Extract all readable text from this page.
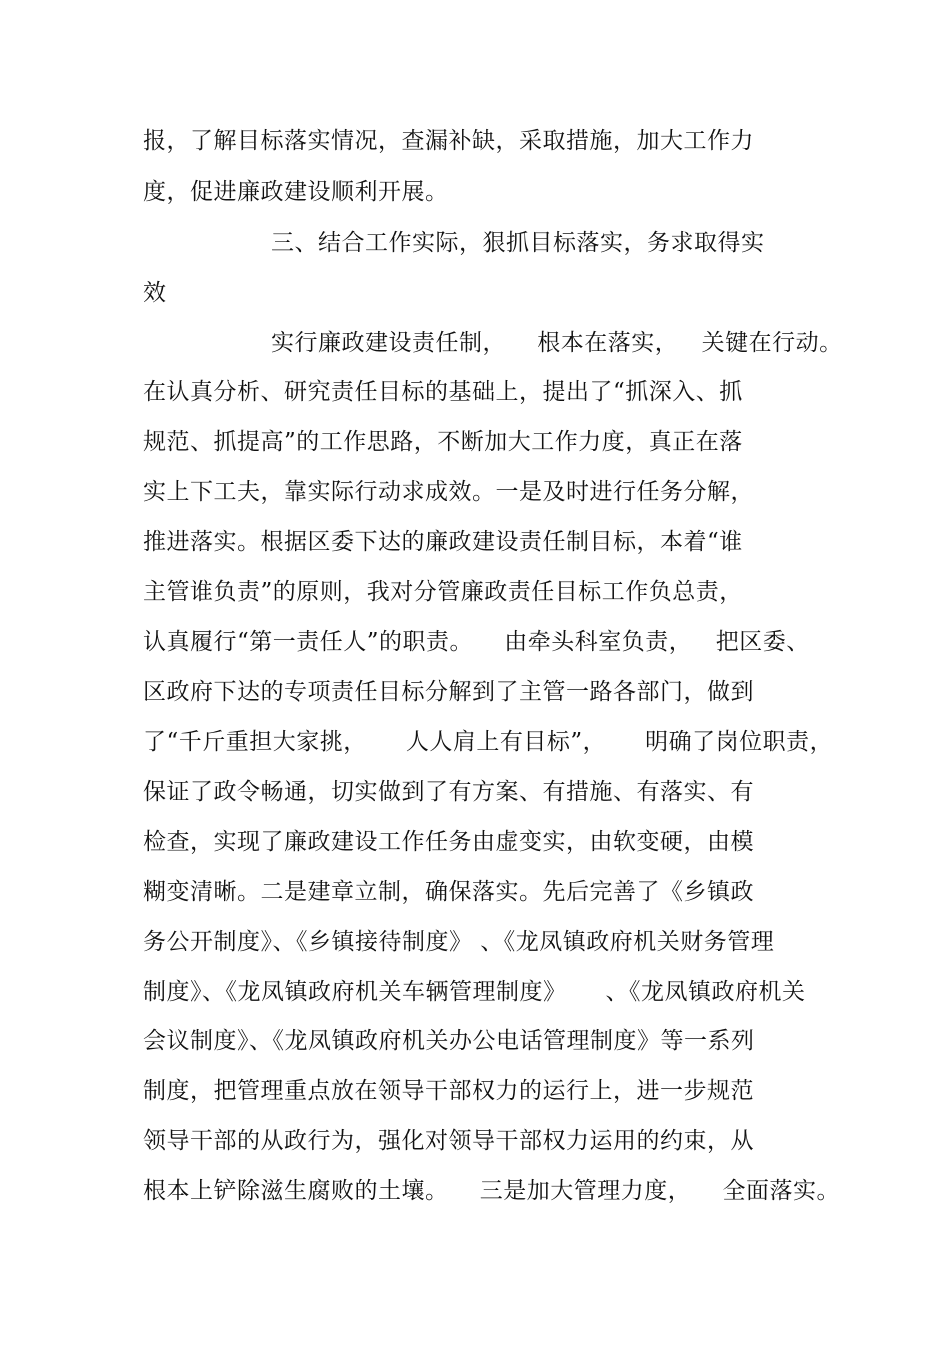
报，了解目标落实情况，查漏补缺，采取措施，加大工作力
度，促进廉政建设顺利开展。
三、结合工作实际，狠抓目标落实，务求取得实
效
实行廉政建设责任制，    根本在落实，   关键在行动。
在认真分析、研究责任目标的基础上，提出了“抓深入、抓
规范、抓提高”的工作思路，不断加大工作力度，真正在落
实上下工夫，靠实际行动求成效。一是及时进行任务分解，
推进落实。根据区委下达的廉政建设责任制目标，本着“谁
主管谁负责”的原则，我对分管廉政责任目标工作负总责，
认真履行“第一责任人”的职责。    由牵头科室负责，   把区委、
区政府下达的专项责任目标分解到了主管一路各部门，做到
了“千斤重担大家挑，     人人肩上有目标”，     明确了岗位职责，
保证了政令畅通，切实做到了有方案、有措施、有落实、有
检查，实现了廉政建设工作任务由虚变实，由软变硬，由模
糊变清晰。二是建章立制，确保落实。先后完善了《乡镇政
务公开制度》、《乡镇接待制度》 、《龙凤镇政府机关财务管理
制度》、《龙凤镇政府机关车辆管理制度》     、《龙凤镇政府机关
会议制度》、《龙凤镇政府机关办公电话管理制度》等一系列
制度，把管理重点放在领导干部权力的运行上，进一步规范
领导干部的从政行为，强化对领导干部权力运用的约束，从
根本上铲除滋生腐败的土壤。    三是加大管理力度，    全面落实。
